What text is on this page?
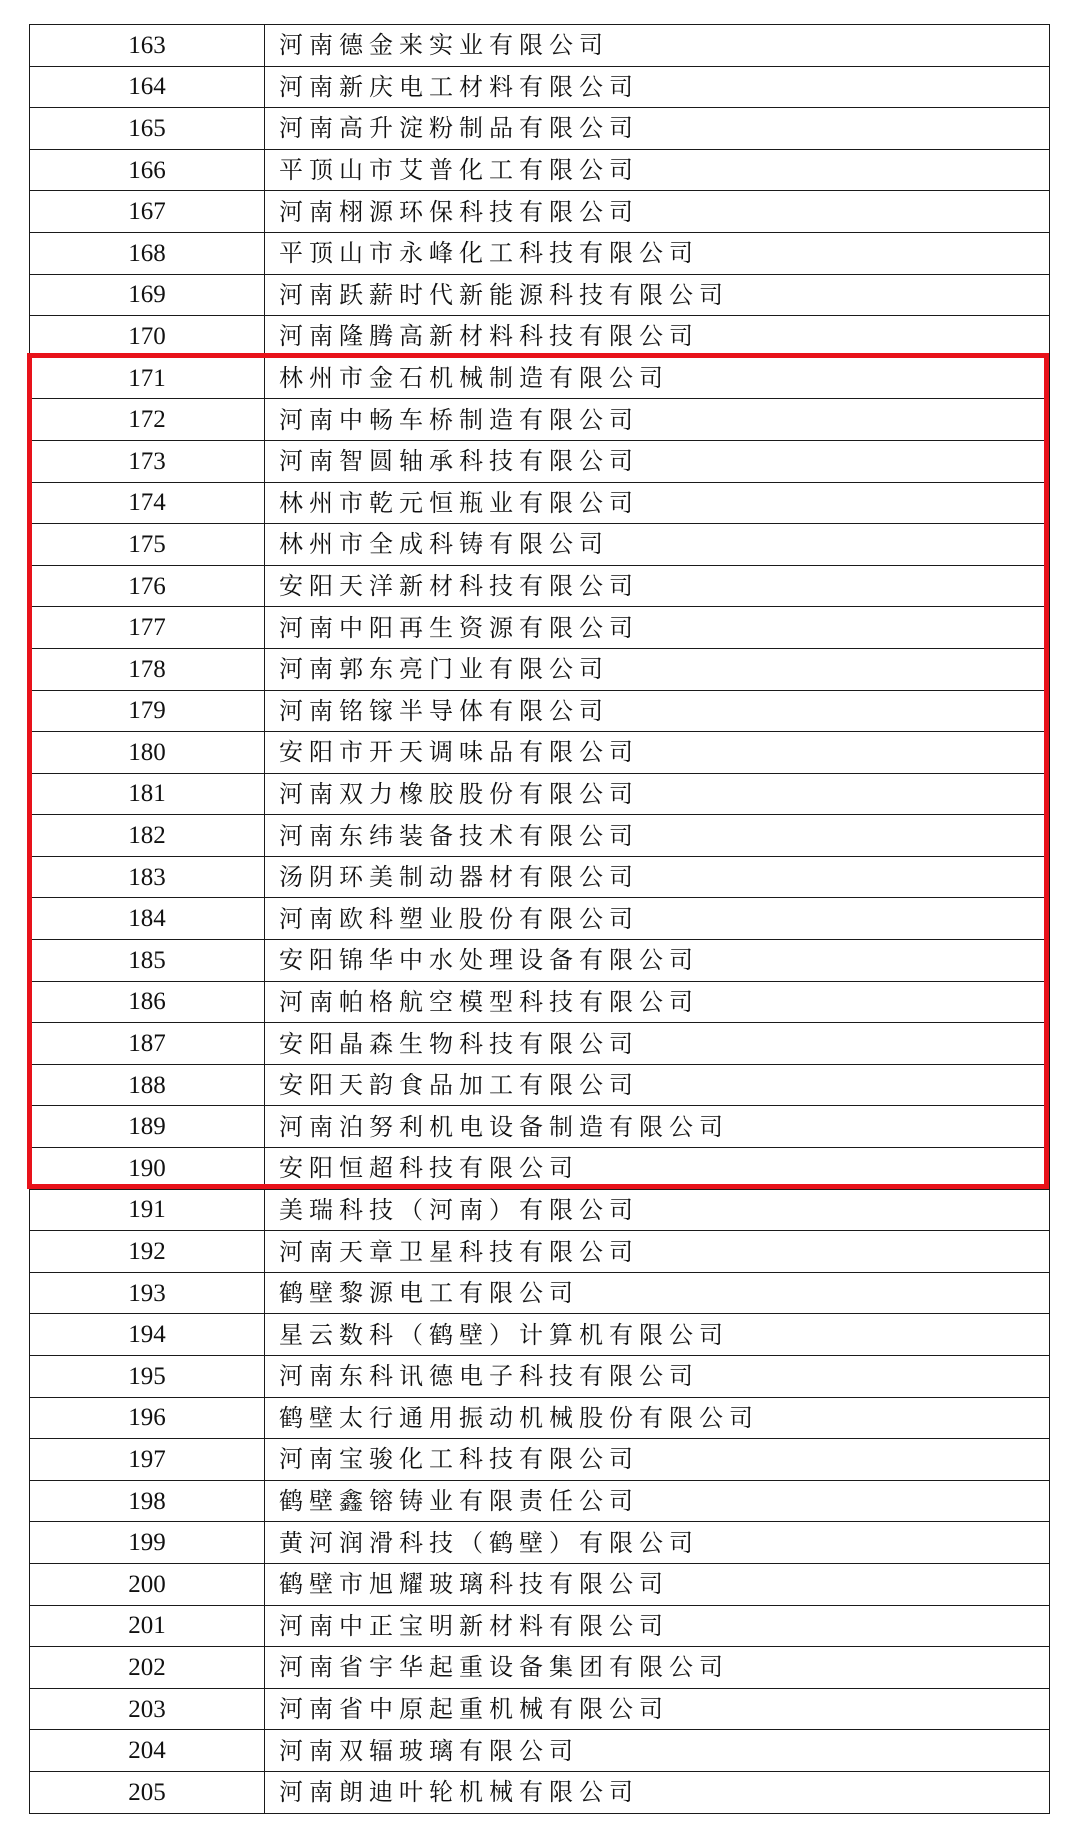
163	河南德金来实业有限公司
164	河南新庆电工材料有限公司
165	河南高升淀粉制品有限公司
166	平顶山市艾普化工有限公司
167	河南栩源环保科技有限公司
168	平顶山市永峰化工科技有限公司
169	河南跃薪时代新能源科技有限公司
170	河南隆腾高新材料科技有限公司
171	林州市金石机械制造有限公司
172	河南中畅车桥制造有限公司
173	河南智圆轴承科技有限公司
174	林州市乾元恒瓶业有限公司
175	林州市全成科铸有限公司
176	安阳天洋新材科技有限公司
177	河南中阳再生资源有限公司
178	河南郭东亮门业有限公司
179	河南铭镓半导体有限公司
180	安阳市开天调味品有限公司
181	河南双力橡胶股份有限公司
182	河南东纬装备技术有限公司
183	汤阴环美制动器材有限公司
184	河南欧科塑业股份有限公司
185	安阳锦华中水处理设备有限公司
186	河南帕格航空模型科技有限公司
187	安阳晶森生物科技有限公司
188	安阳天韵食品加工有限公司
189	河南泊努利机电设备制造有限公司
190	安阳恒超科技有限公司
191	美瑞科技（河南）有限公司
192	河南天章卫星科技有限公司
193	鹤壁黎源电工有限公司
194	星云数科（鹤壁）计算机有限公司
195	河南东科讯德电子科技有限公司
196	鹤壁太行通用振动机械股份有限公司
197	河南宝骏化工科技有限公司
198	鹤壁鑫镕铸业有限责任公司
199	黄河润滑科技（鹤壁）有限公司
200	鹤壁市旭耀玻璃科技有限公司
201	河南中正宝明新材料有限公司
202	河南省宇华起重设备集团有限公司
203	河南省中原起重机械有限公司
204	河南双辐玻璃有限公司
205	河南朗迪叶轮机械有限公司
